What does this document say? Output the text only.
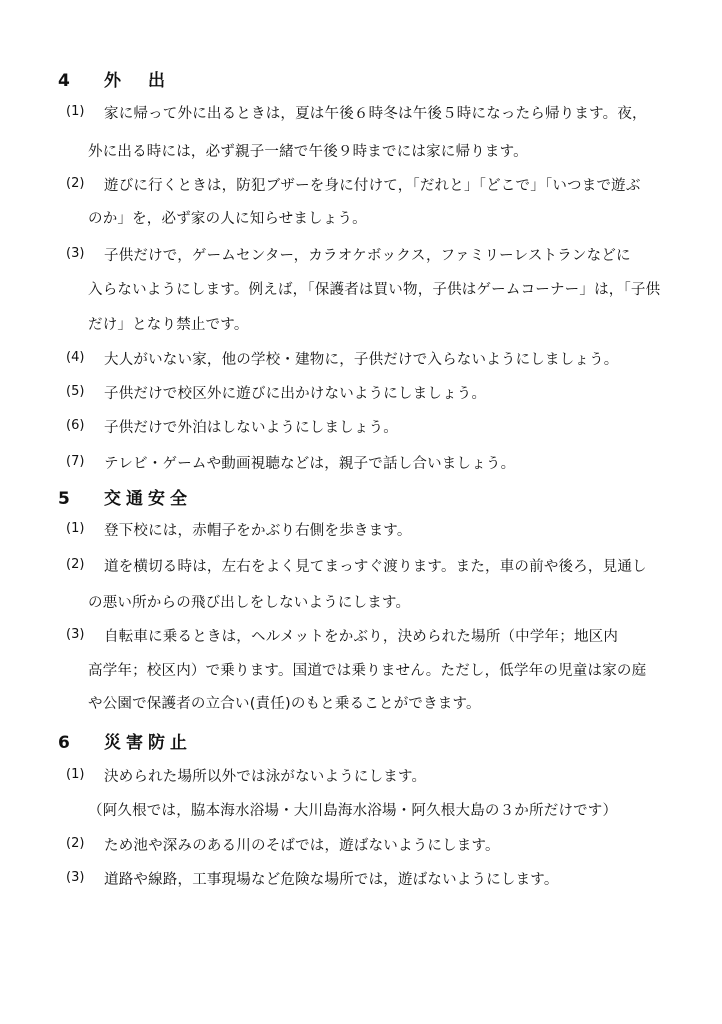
4 外　出
(1) 家に帰って外に出るときは，夏は午後６時冬は午後５時になったら帰ります。夜，
外に出る時には，必ず親子一緒で午後９時までには家に帰ります。
(2) 遊びに行くときは，防犯ブザーを身に付けて，「だれと」「どこで」「いつまで遊ぶ
のか」を，必ず家の人に知らせましょう。
(3) 子供だけで，ゲームセンター，カラオケボックス，ファミリーレストランなどに
入らないようにします。例えば，「保護者は買い物，子供はゲームコーナー」は，「子供
だけ」となり禁止です。
(4) 大人がいない家，他の学校・建物に，子供だけで入らないようにしましょう。
(5) 子供だけで校区外に遊びに出かけないようにしましょう。
(6) 子供だけで外泊はしないようにしましょう。
(7) テレビ・ゲームや動画視聴などは，親子で話し合いましょう。
5 交通安全
(1) 登下校には，赤帽子をかぶり右側を歩きます。
(2) 道を横切る時は，左右をよく見てまっすぐ渡ります。また，車の前や後ろ，見通し
の悪い所からの飛び出しをしないようにします。
(3) 自転車に乗るときは，ヘルメットをかぶり，決められた場所（中学年；地区内
高学年；校区内）で乗ります。国道では乗りません。ただし，低学年の児童は家の庭
や公園で保護者の立合い(責任)のもと乗ることができます。
6 災害防止
(1) 決められた場所以外では泳がないようにします。
（阿久根では，脇本海水浴場・大川島海水浴場・阿久根大島の３か所だけです）
(2) ため池や深みのある川のそばでは，遊ばないようにします。
(3) 道路や線路，工事現場など危険な場所では，遊ばないようにします。
